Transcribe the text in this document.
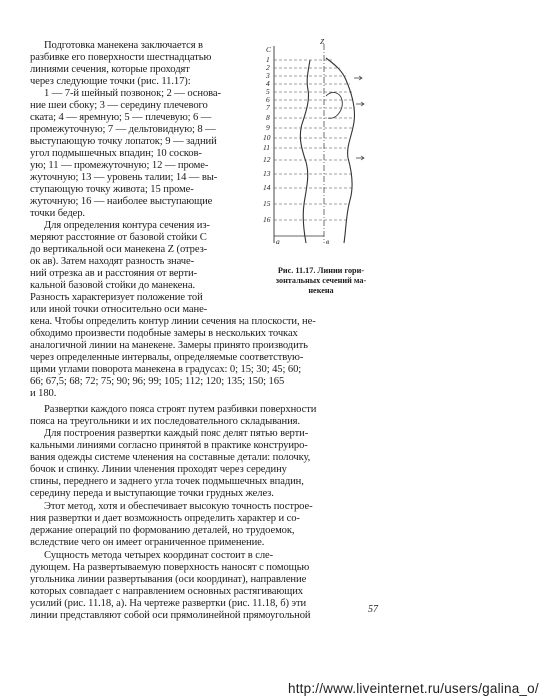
Подготовка манекена заключается в
разбивке его поверхности шестнадцатью
линиями сечения, которые проходят
через следующие точки (рис. 11.17):
1 — 7-й шейный позвонок; 2 — основа-
ние шеи сбоку; 3 — середину плечевого
ската; 4 — яремную; 5 — плечевую; 6 —
промежуточную; 7 — дельтовидную; 8 —
выступающую точку лопаток; 9 — задний
угол подмышечных впадин; 10 сосков-
ую; 11 — промежуточную; 12 — проме-
жуточную; 13 — уровень талии; 14 — вы-
ступающую точку живота; 15 проме-
жуточную; 16 — наиболее выступающие
точки бедер.
Для определения контура сечения из-
меряют расстояние от базовой стойки C
до вертикальной оси манекена Z (отрез-
ок ав). Затем находят разность значе-
ний отрезка ав и расстояния от верти-
кальной базовой стойки до манекена.
Разность характеризует положение той
или иной точки относительно оси мане-
кена. Чтобы определить контур линии сечения на плоскости, не-
обходимо произвести подобные замеры в нескольких точках
аналогичной линии на манекене. Замеры принято производить
через определенные интервалы, определяемые соответствую-
щими углами поворота манекена в градусах: 0; 15; 30; 45; 60;
66; 67,5; 68; 72; 75; 90; 96; 99; 105; 112; 120; 135; 150; 165
и 180.
Развертки каждого пояса строят путем разбивки поверхности
пояса на треугольники и их последовательного складывания.
Для построения развертки каждый пояс делят пятью верти-
кальными линиями согласно принятой в практике конструиро-
вания одежды системе членения на составные детали: полочку,
бочок и спинку. Линии членения проходят через середину
спины, переднего и заднего угла точек подмышечных впадин,
середину переда и выступающие точки грудных желез.
Этот метод, хотя и обеспечивает высокую точность построе-
ния развертки и дает возможность определить характер и со-
держание операций по формованию деталей, но трудоемок,
вследствие чего он имеет ограниченное применение.
Сущность метода четырех координат состоит в сле-
дующем. На развертываемую поверхность наносят с помощью
угольника линии развертывания (оси координат), направление
которых совпадает с направлением основных растягивающих
усилий (рис. 11.18, а). На чертеже развертки (рис. 11.18, б) эти
линии представляют собой оси прямолинейной прямоугольной
Z
C
1
2
3
4
5
6
7
8
9
10
11
12
13
14
15
16
a	в
Рис. 11.17. Линии гори-
зонтальных сечений ма-
некена
57
http://www.liveinternet.ru/users/galina_o/
